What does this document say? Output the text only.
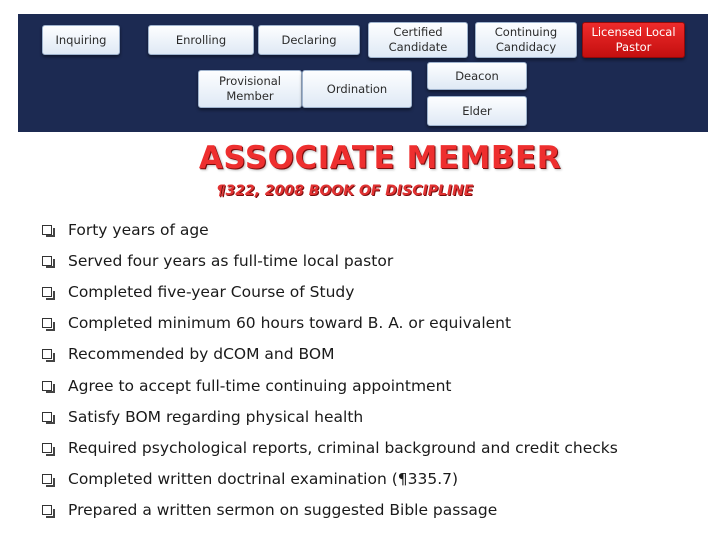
Inquiring	Enrolling	Declaring
Certified Candidate
Continuing Candidacy
Licensed Local Pastor
Provisional Member
Ordination
Deacon
Elder
ASSOCIATE MEMBER
¶322, 2008 BOOK OF DISCIPLINE
Forty years of age
Served four years as full-time local pastor
Completed five-year Course of Study
Completed minimum 60 hours toward B. A. or equivalent
Recommended by dCOM and BOM
Agree to accept full-time continuing appointment
Satisfy BOM regarding physical health
Required psychological reports, criminal background and credit checks
Completed written doctrinal examination (¶335.7)
Prepared a written sermon on suggested Bible passage
